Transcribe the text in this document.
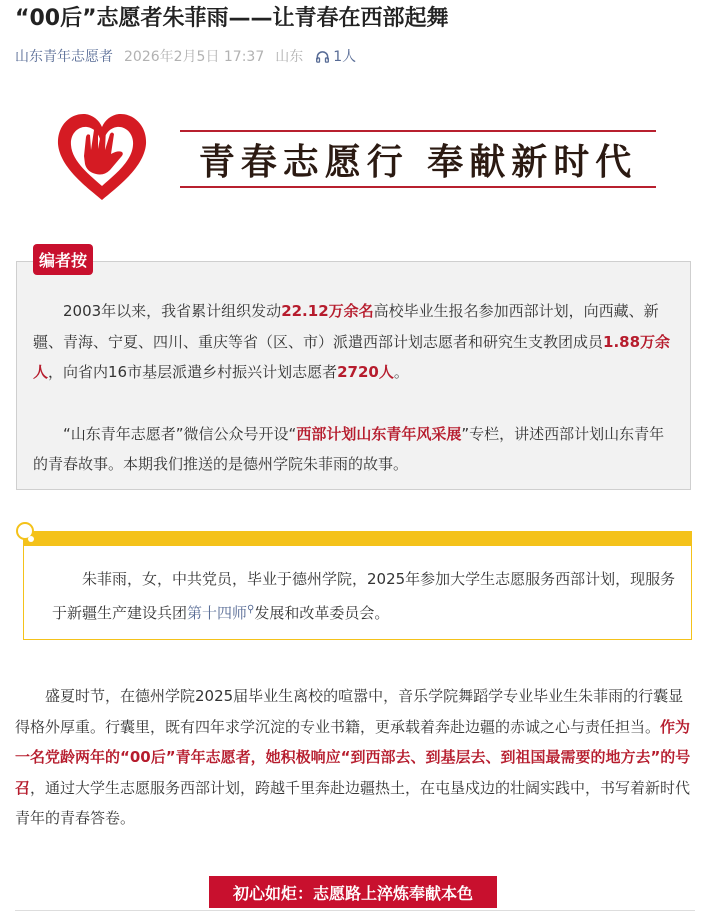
“00后”志愿者朱菲雨——让青春在西部起舞
山东青年志愿者 2026年2月5日 17:37 山东 1人
青春志愿行 奉献新时代
编者按

2003年以来，我省累计组织发动22.12万余名高校毕业生报名参加西部计划，向西藏、新疆、青海、宁夏、四川、重庆等省（区、市）派遣西部计划志愿者和研究生支教团成员1.88万余人，向省内16市基层派遣乡村振兴计划志愿者2720人。

“山东青年志愿者”微信公众号开设“西部计划山东青年风采展”专栏，讲述西部计划山东青年的青春故事。本期我们推送的是德州学院朱菲雨的故事。

朱菲雨，女，中共党员，毕业于德州学院，2025年参加大学生志愿服务西部计划，现服务于新疆生产建设兵团第十四师⚲发展和改革委员会。

盛夏时节，在德州学院2025届毕业生离校的喧嚣中，音乐学院舞蹈学专业毕业生朱菲雨的行囊显得格外厚重。行囊里，既有四年求学沉淀的专业书籍，更承载着奔赴边疆的赤诚之心与责任担当。作为一名党龄两年的“00后”青年志愿者，她积极响应“到西部去、到基层去、到祖国最需要的地方去”的号召，通过大学生志愿服务西部计划，跨越千里奔赴边疆热土，在屯垦戍边的壮阔实践中，书写着新时代青年的青春答卷。

初心如炬：志愿路上淬炼奉献本色
